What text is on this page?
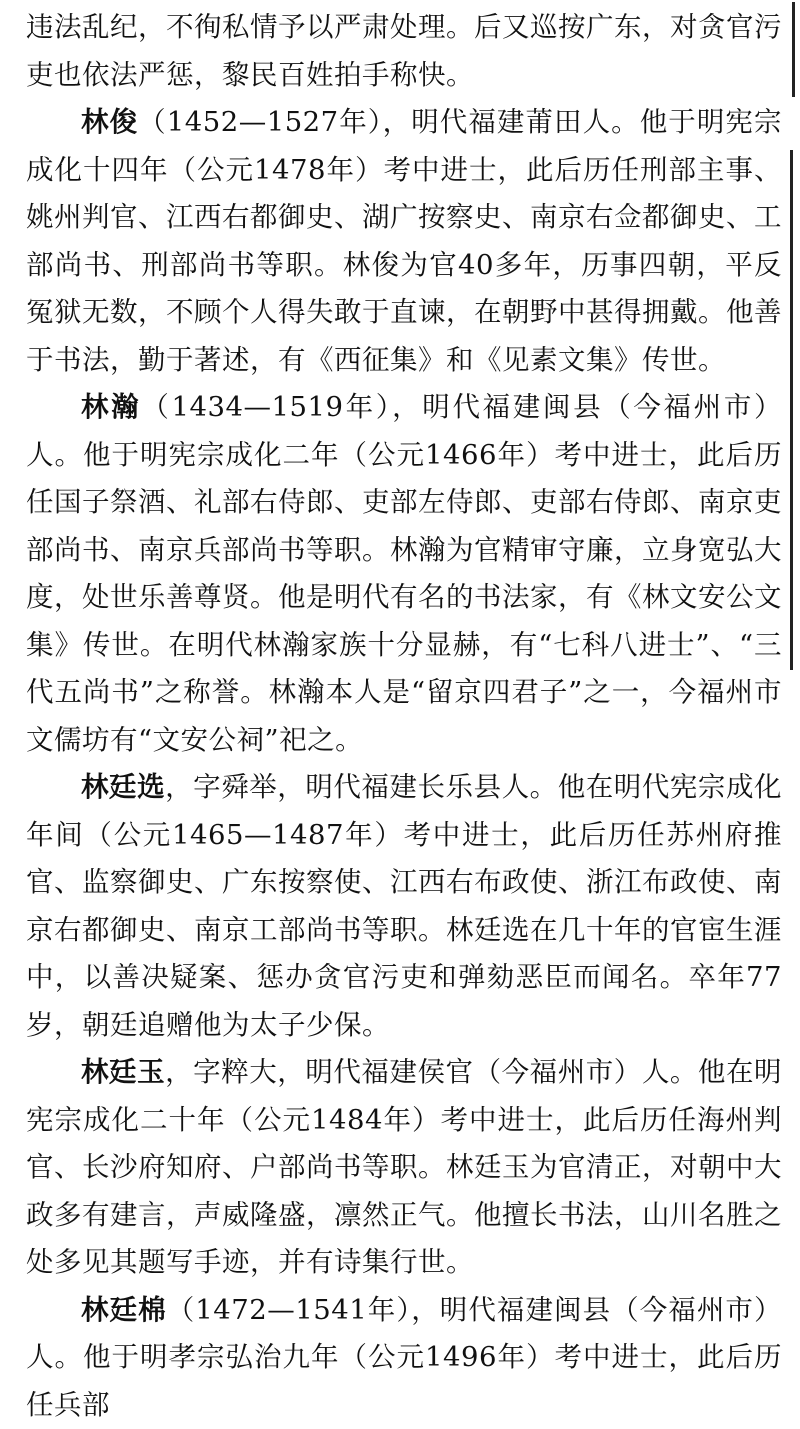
违法乱纪，不徇私情予以严肃处理。后又巡按广东，对贪官污吏也依法严惩，黎民百姓拍手称快。

林俊（1452—1527年），明代福建莆田人。他于明宪宗成化十四年（公元1478年）考中进士，此后历任刑部主事、姚州判官、江西右都御史、湖广按察史、南京右佥都御史、工部尚书、刑部尚书等职。林俊为官40多年，历事四朝，平反冤狱无数，不顾个人得失敢于直谏，在朝野中甚得拥戴。他善于书法，勤于著述，有《西征集》和《见素文集》传世。

林瀚（1434—1519年），明代福建闽县（今福州市）人。他于明宪宗成化二年（公元1466年）考中进士，此后历任国子祭酒、礼部右侍郎、吏部左侍郎、吏部右侍郎、南京吏部尚书、南京兵部尚书等职。林瀚为官精审守廉，立身宽弘大度，处世乐善尊贤。他是明代有名的书法家，有《林文安公文集》传世。在明代林瀚家族十分显赫，有“七科八进士”、“三代五尚书”之称誉。林瀚本人是“留京四君子”之一，今福州市文儒坊有“文安公祠”祀之。

林廷选，字舜举，明代福建长乐县人。他在明代宪宗成化年间（公元1465—1487年）考中进士，此后历任苏州府推官、监察御史、广东按察使、江西右布政使、浙江布政使、南京右都御史、南京工部尚书等职。林廷选在几十年的官宦生涯中，以善决疑案、惩办贪官污吏和弹劾恶臣而闻名。卒年77岁，朝廷追赠他为太子少保。

林廷玉，字粹大，明代福建侯官（今福州市）人。他在明宪宗成化二十年（公元1484年）考中进士，此后历任海州判官、长沙府知府、户部尚书等职。林廷玉为官清正，对朝中大政多有建言，声威隆盛，凛然正气。他擅长书法，山川名胜之处多见其题写手迹，并有诗集行世。

林廷棉（1472—1541年），明代福建闽县（今福州市）人。他于明孝宗弘治九年（公元1496年）考中进士，此后历任兵部
